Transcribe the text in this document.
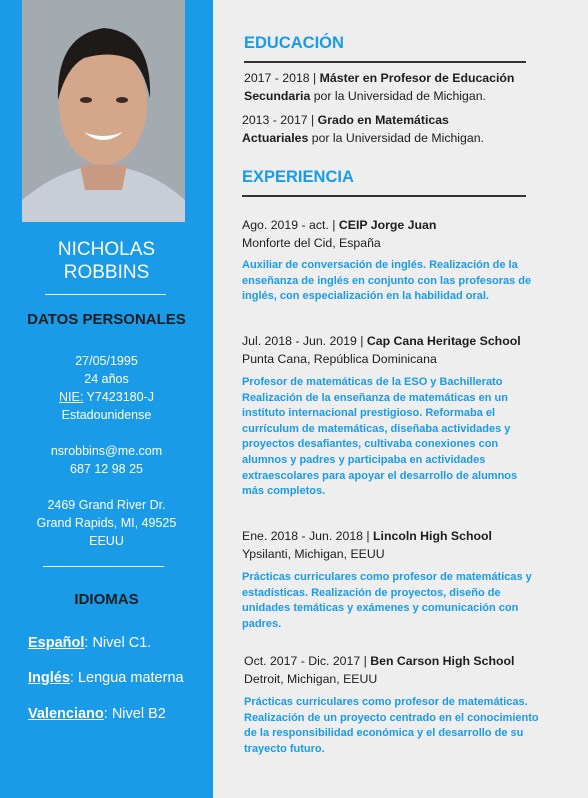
NICHOLAS
ROBBINS
DATOS PERSONALES
27/05/1995
24 años
NIE: Y7423180-J
Estadounidense
nsrobbins@me.com
687 12 98 25
2469 Grand River Dr.
Grand Rapids, MI, 49525
EEUU
IDIOMAS
Español: Nivel C1.
Inglés: Lengua materna
Valenciano: Nivel B2
EDUCACIÓN
2017 - 2018 | Máster en Profesor de Educación
Secundaria por la Universidad de Michigan.
2013 - 2017 | Grado en Matemáticas
Actuariales por la Universidad de Michigan.
EXPERIENCIA
Ago. 2019 - act. | CEIP Jorge Juan
Monforte del Cid, España
Auxiliar de conversación de inglés. Realización de la
enseñanza de inglés en conjunto con las profesoras de
inglés, con especialización en la habilidad oral.
Jul. 2018 - Jun. 2019 | Cap Cana Heritage School
Punta Cana, República Dominicana
Profesor de matemáticas de la ESO y Bachillerato
Realización de la enseñanza de matemáticas en un
instituto internacional prestigioso. Reformaba el
currículum de matemáticas, diseñaba actividades y
proyectos desafiantes, cultivaba conexiones con
alumnos y padres y participaba en actividades
extraescolares para apoyar el desarrollo de alumnos
más completos.
Ene. 2018 - Jun. 2018 | Lincoln High School
Ypsilanti, Michigan, EEUU
Prácticas curriculares como profesor de matemáticas y
estadísticas. Realización de proyectos, diseño de
unidades temáticas y exámenes y comunicación con
padres.
Oct. 2017 - Dic. 2017 | Ben Carson High School
Detroit, Michigan, EEUU
Prácticas curriculares como profesor de matemáticas.
Realización de un proyecto centrado en el conocimiento
de la responsibilidad económica y el desarrollo de su
trayecto futuro.
